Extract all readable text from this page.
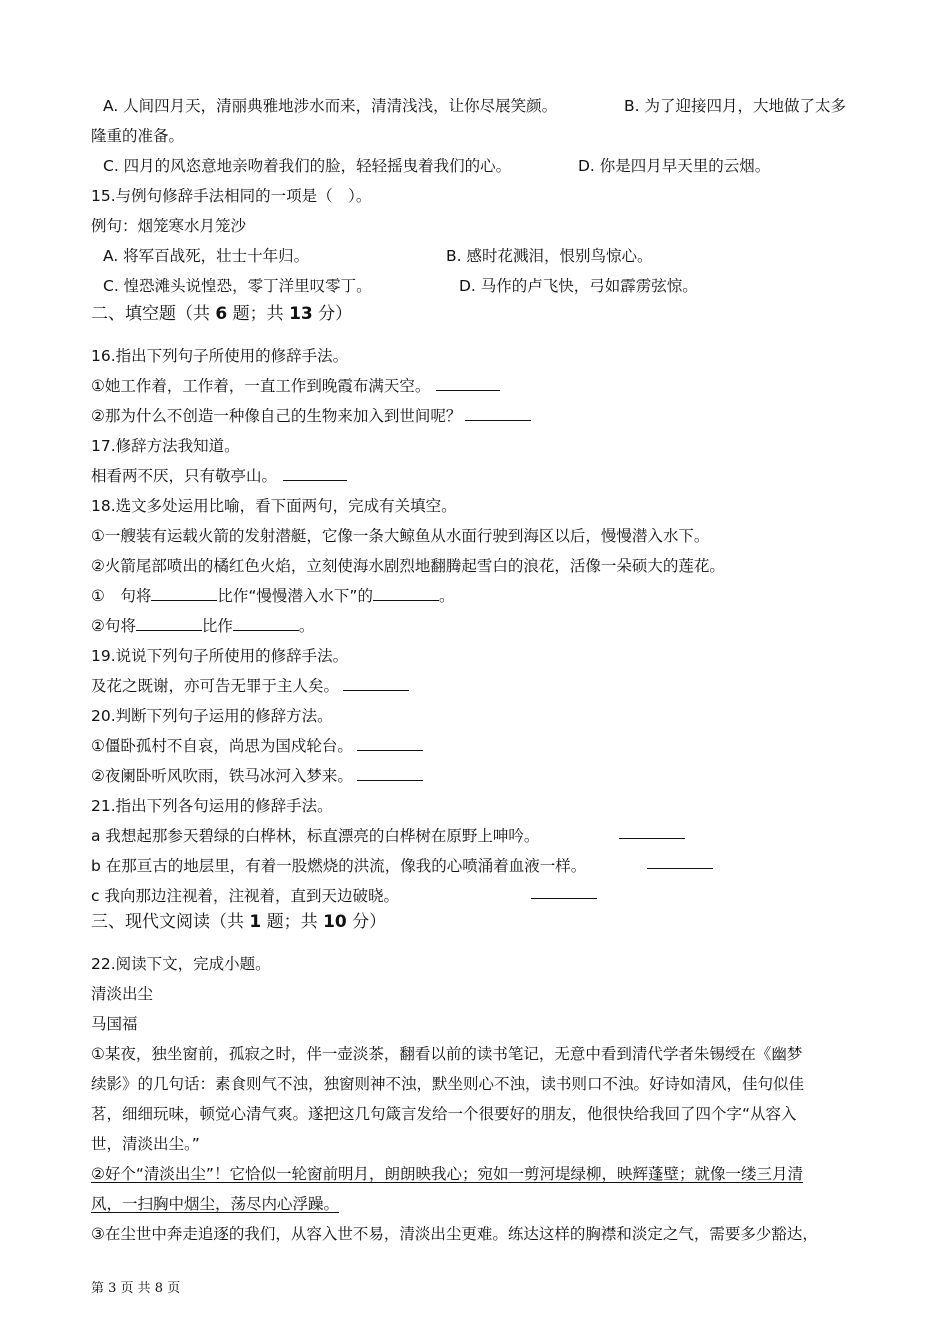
A. 人间四月天，清丽典雅地涉水而来，清清浅浅，让你尽展笑颜。	B. 为了迎接四月，大地做了太多
隆重的准备。
C. 四月的风恣意地亲吻着我们的脸，轻轻摇曳着我们的心。	D. 你是四月早天里的云烟。
15.与例句修辞手法相同的一项是（　）。
例句：烟笼寒水月笼沙
A. 将军百战死，壮士十年归。	B. 感时花溅泪，恨别鸟惊心。
C. 惶恐滩头说惶恐，零丁洋里叹零丁。	D. 马作的卢飞快，弓如霹雳弦惊。
二、填空题（共 6 题；共 13 分）
16.指出下列句子所使用的修辞手法。
①她工作着，工作着，一直工作到晚霞布满天空。
②那为什么不创造一种像自己的生物来加入到世间呢？
17.修辞方法我知道。
相看两不厌，只有敬亭山。
18.选文多处运用比喻，看下面两句，完成有关填空。
①一艘装有运载火箭的发射潜艇，它像一条大鲸鱼从水面行驶到海区以后，慢慢潜入水下。
②火箭尾部喷出的橘红色火焰，立刻使海水剧烈地翻腾起雪白的浪花，活像一朵硕大的莲花。
①　句将	比作“慢慢潜入水下”的	。
②句将	比作	。
19.说说下列句子所使用的修辞手法。
及花之既谢，亦可告无罪于主人矣。
20.判断下列句子运用的修辞方法。
①僵卧孤村不自哀，尚思为国戍轮台。
②夜阑卧听风吹雨，铁马冰河入梦来。
21.指出下列各句运用的修辞手法。
a 我想起那参天碧绿的白桦林，标直漂亮的白桦树在原野上呻吟。
b 在那亘古的地层里，有着一股燃烧的洪流，像我的心喷涌着血液一样。
c 我向那边注视着，注视着，直到天边破晓。
三、现代文阅读（共 1 题；共 10 分）
22.阅读下文，完成小题。
清淡出尘
马国福
①某夜，独坐窗前，孤寂之时，伴一壶淡茶，翻看以前的读书笔记，无意中看到清代学者朱锡绶在《幽梦
续影》的几句话：素食则气不浊，独窗则神不浊，默坐则心不浊，读书则口不浊。好诗如清风，佳句似佳
茗，细细玩味，顿觉心清气爽。遂把这几句箴言发给一个很要好的朋友，他很快给我回了四个字“从容入
世，清淡出尘。”
②好个“清淡出尘”！它恰似一轮窗前明月，朗朗映我心；宛如一剪河堤绿柳，映辉蓬壁；就像一缕三月清
风，一扫胸中烟尘，荡尽内心浮躁。
③在尘世中奔走追逐的我们，从容入世不易，清淡出尘更难。练达这样的胸襟和淡定之气，需要多少豁达，
第 3 页 共 8 页
